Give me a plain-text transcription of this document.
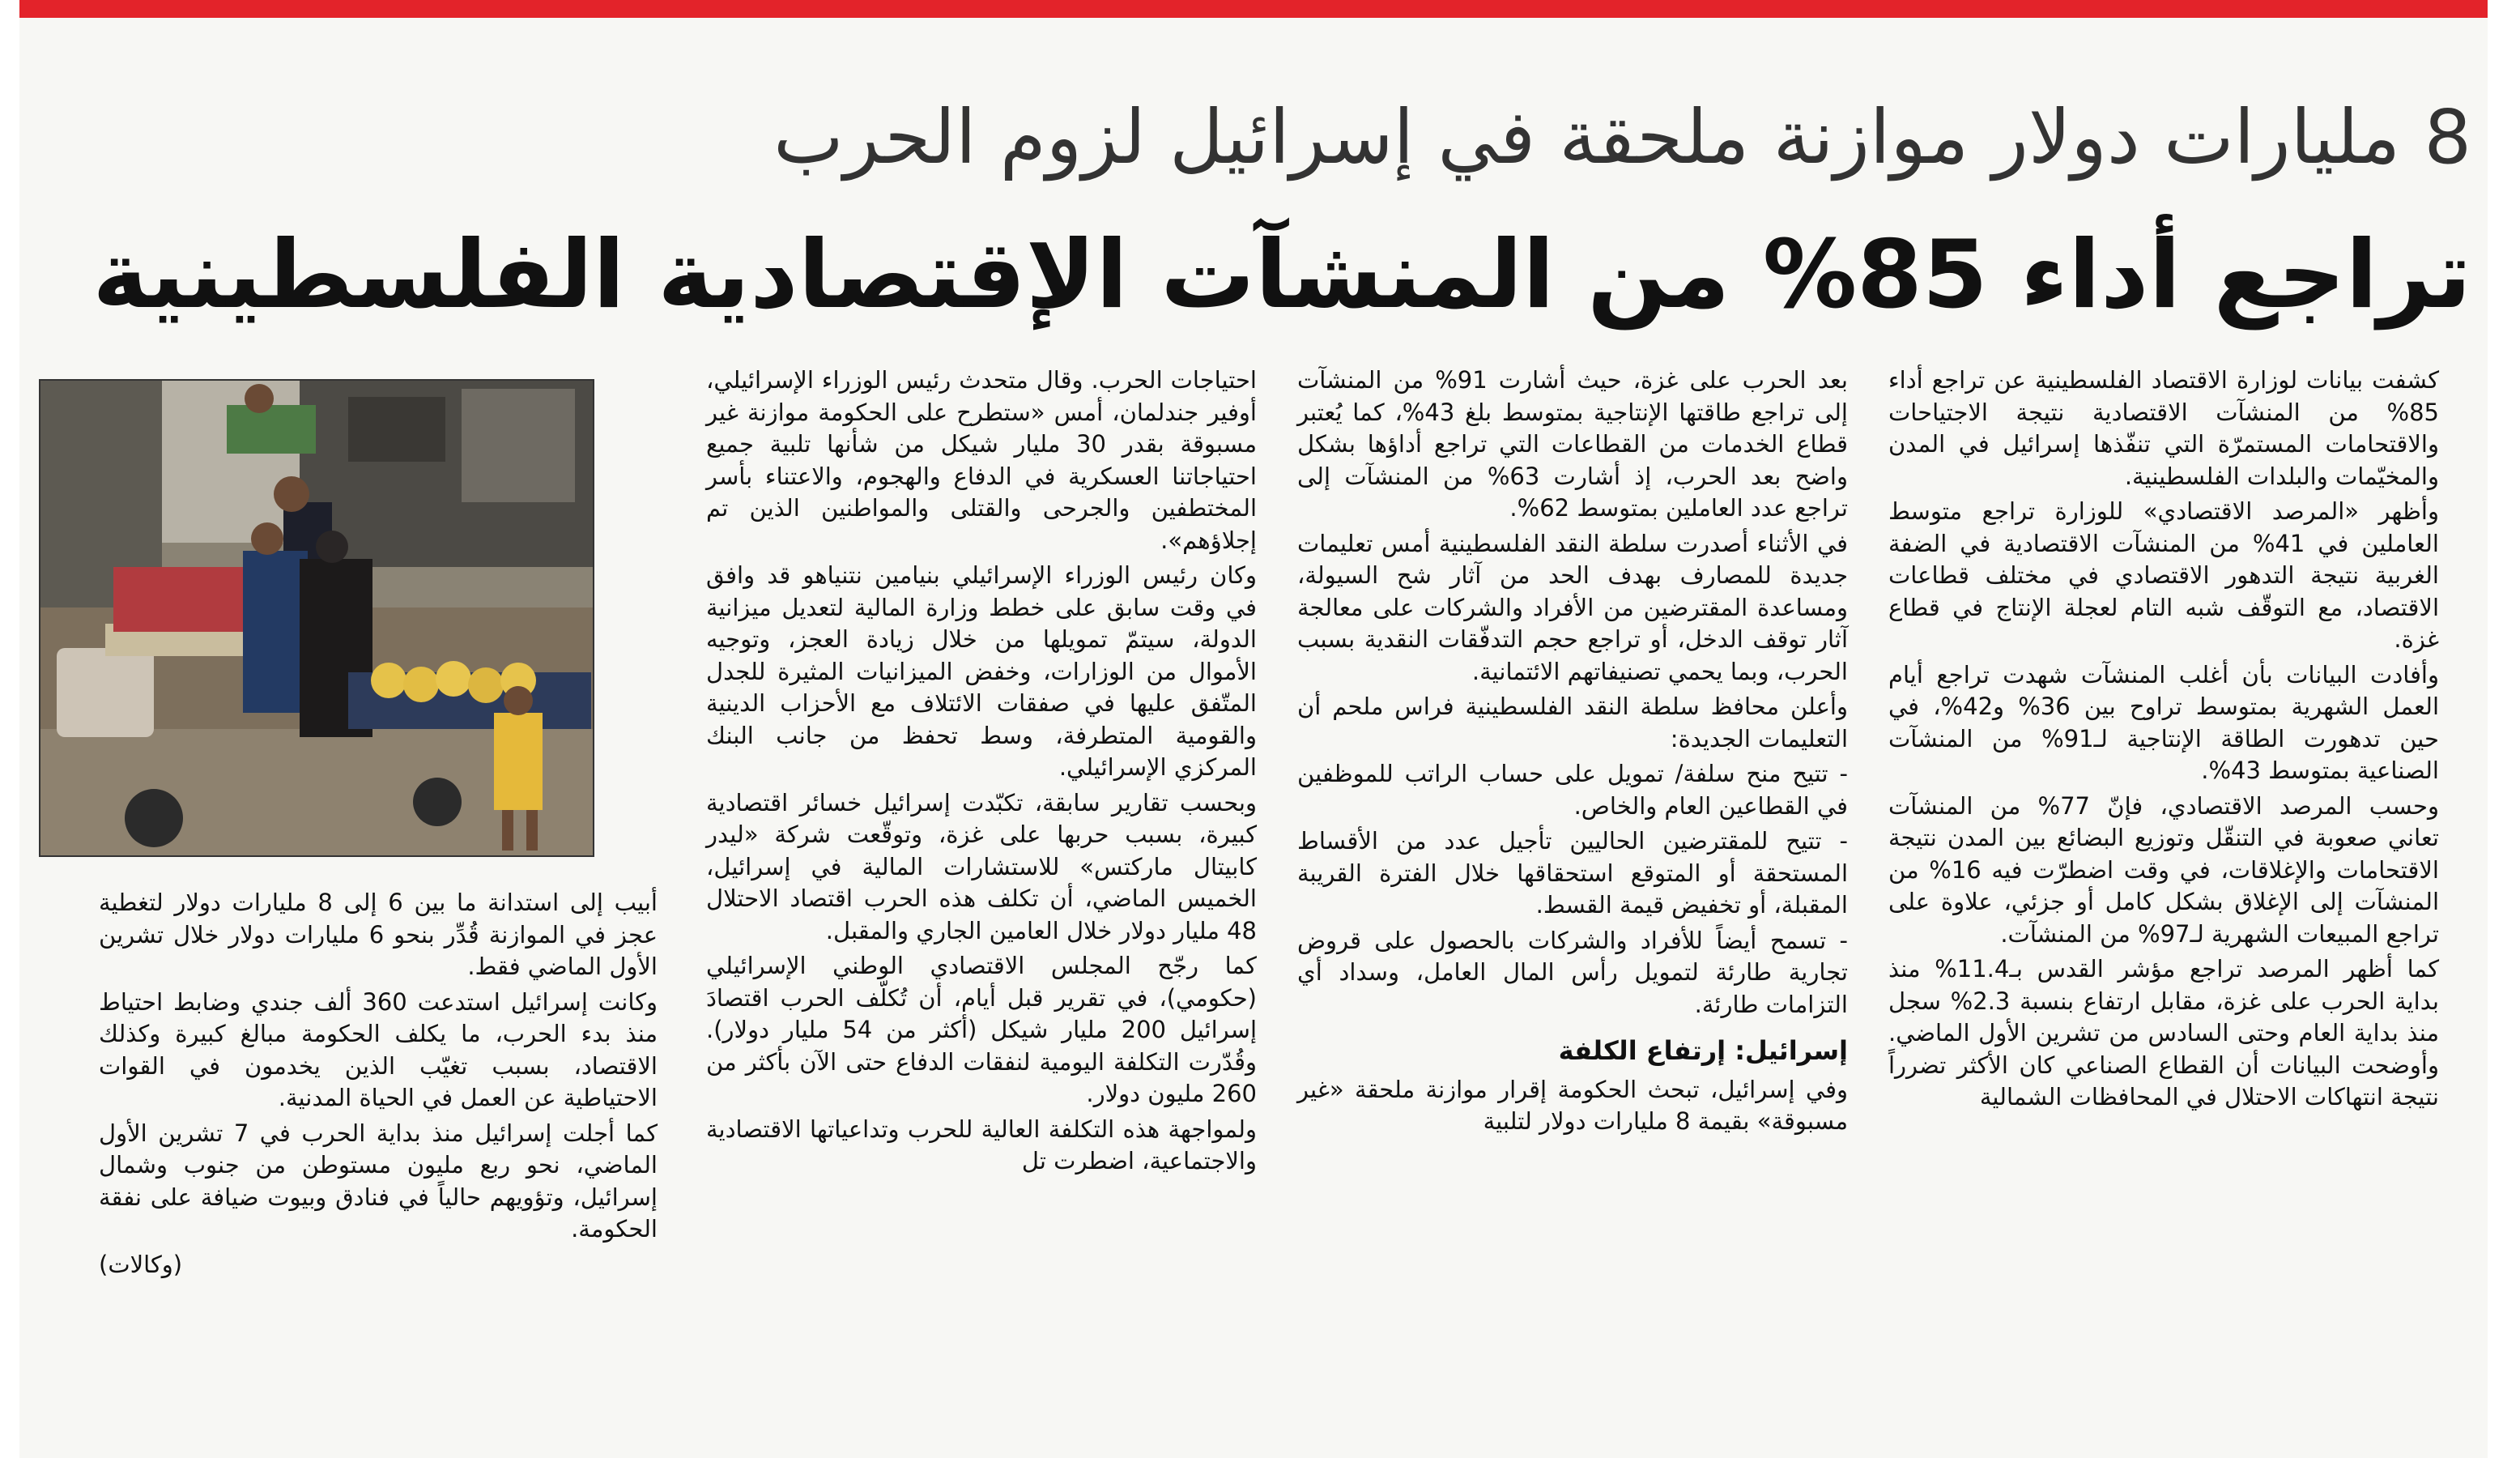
8 مليارات دولار موازنة ملحقة في إسرائيل لزوم الحرب
تراجع أداء 85% من المنشآت الإقتصادية الفلسطينية

كشفت بيانات لوزارة الاقتصاد الفلسطينية عن تراجع أداء 85% من المنشآت الاقتصادية نتيجة الاجتياحات والاقتحامات المستمرّة التي تنفّذها إسرائيل في المدن والمخيّمات والبلدات الفلسطينية.

وأظهر «المرصد الاقتصادي» للوزارة تراجع متوسط العاملين في 41% من المنشآت الاقتصادية في الضفة الغربية نتيجة التدهور الاقتصادي في مختلف قطاعات الاقتصاد، مع التوقّف شبه التام لعجلة الإنتاج في قطاع غزة.

وأفادت البيانات بأن أغلب المنشآت شهدت تراجع أيام العمل الشهرية بمتوسط تراوح بين 36% و42%، في حين تدهورت الطاقة الإنتاجية لـ91% من المنشآت الصناعية بمتوسط 43%.

وحسب المرصد الاقتصادي، فإنّ 77% من المنشآت تعاني صعوبة في التنقّل وتوزيع البضائع بين المدن نتيجة الاقتحامات والإغلاقات، في وقت اضطرّت فيه 16% من المنشآت إلى الإغلاق بشكل كامل أو جزئي، علاوة على تراجع المبيعات الشهرية لـ97% من المنشآت.

كما أظهر المرصد تراجع مؤشر القدس بـ11.4% منذ بداية الحرب على غزة، مقابل ارتفاع بنسبة 2.3% سجل منذ بداية العام وحتى السادس من تشرين الأول الماضي. وأوضحت البيانات أن القطاع الصناعي كان الأكثر تضرراً نتيجة انتهاكات الاحتلال في المحافظات الشمالية

بعد الحرب على غزة، حيث أشارت 91% من المنشآت إلى تراجع طاقتها الإنتاجية بمتوسط بلغ 43%، كما يُعتبر قطاع الخدمات من القطاعات التي تراجع أداؤها بشكل واضح بعد الحرب، إذ أشارت 63% من المنشآت إلى تراجع عدد العاملين بمتوسط 62%.

في الأثناء أصدرت سلطة النقد الفلسطينية أمس تعليمات جديدة للمصارف بهدف الحد من آثار شح السيولة، ومساعدة المقترضين من الأفراد والشركات على معالجة آثار توقف الدخل، أو تراجع حجم التدفّقات النقدية بسبب الحرب، وبما يحمي تصنيفاتهم الائتمانية.

وأعلن محافظ سلطة النقد الفلسطينية فراس ملحم أن التعليمات الجديدة:

- تتيح منح سلفة/ تمويل على حساب الراتب للموظفين في القطاعين العام والخاص.

- تتيح للمقترضين الحاليين تأجيل عدد من الأقساط المستحقة أو المتوقع استحقاقها خلال الفترة القريبة المقبلة، أو تخفيض قيمة القسط.

- تسمح أيضاً للأفراد والشركات بالحصول على قروض تجارية طارئة لتمويل رأس المال العامل، وسداد أي التزامات طارئة.

إسرائيل: إرتفاع الكلفة

وفي إسرائيل، تبحث الحكومة إقرار موازنة ملحقة «غير مسبوقة» بقيمة 8 مليارات دولار لتلبية

احتياجات الحرب. وقال متحدث رئيس الوزراء الإسرائيلي، أوفير جندلمان، أمس «ستطرح على الحكومة موازنة غير مسبوقة بقدر 30 مليار شيكل من شأنها تلبية جميع احتياجاتنا العسكرية في الدفاع والهجوم، والاعتناء بأسر المختطفين والجرحى والقتلى والمواطنين الذين تم إجلاؤهم».

وكان رئيس الوزراء الإسرائيلي بنيامين نتنياهو قد وافق في وقت سابق على خطط وزارة المالية لتعديل ميزانية الدولة، سيتمّ تمويلها من خلال زيادة العجز، وتوجيه الأموال من الوزارات، وخفض الميزانيات المثيرة للجدل المتّفق عليها في صفقات الائتلاف مع الأحزاب الدينية والقومية المتطرفة، وسط تحفظ من جانب البنك المركزي الإسرائيلي.

وبحسب تقارير سابقة، تكبّدت إسرائيل خسائر اقتصادية كبيرة، بسبب حربها على غزة، وتوقّعت شركة «ليدر كابيتال ماركتس» للاستشارات المالية في إسرائيل، الخميس الماضي، أن تكلف هذه الحرب اقتصاد الاحتلال 48 مليار دولار خلال العامين الجاري والمقبل.

كما رجّح المجلس الاقتصادي الوطني الإسرائيلي (حكومي)، في تقرير قبل أيام، أن تُكلّف الحرب اقتصادَ إسرائيل 200 مليار شيكل (أكثر من 54 مليار دولار). وقُدّرت التكلفة اليومية لنفقات الدفاع حتى الآن بأكثر من 260 مليون دولار.

ولمواجهة هذه التكلفة العالية للحرب وتداعياتها الاقتصادية والاجتماعية، اضطرت تل

أبيب إلى استدانة ما بين 6 إلى 8 مليارات دولار لتغطية عجز في الموازنة قُدِّر بنحو 6 مليارات دولار خلال تشرين الأول الماضي فقط.

وكانت إسرائيل استدعت 360 ألف جندي وضابط احتياط منذ بدء الحرب، ما يكلف الحكومة مبالغ كبيرة وكذلك الاقتصاد، بسبب تغيّب الذين يخدمون في القوات الاحتياطية عن العمل في الحياة المدنية.

كما أجلت إسرائيل منذ بداية الحرب في 7 تشرين الأول الماضي، نحو ربع مليون مستوطن من جنوب وشمال إسرائيل، وتؤويهم حالياً في فنادق وبيوت ضيافة على نفقة الحكومة.

(وكالات)
